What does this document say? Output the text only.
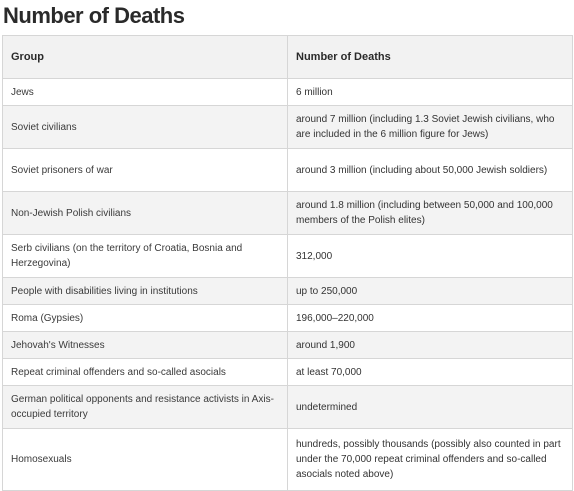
Number of Deaths
Group	Number of Deaths
Jews	6 million
Soviet civilians	around 7 million (including 1.3 Soviet Jewish civilians, who are included in the 6 million figure for Jews)
Soviet prisoners of war	around 3 million (including about 50,000 Jewish soldiers)
Non-Jewish Polish civilians	around 1.8 million (including between 50,000 and 100,000 members of the Polish elites)
Serb civilians (on the territory of Croatia, Bosnia and Herzegovina)	312,000
People with disabilities living in institutions	up to 250,000
Roma (Gypsies)	196,000–220,000
Jehovah's Witnesses	around 1,900
Repeat criminal offenders and so-called asocials	at least 70,000
German political opponents and resistance activists in Axis-occupied territory	undetermined
Homosexuals	hundreds, possibly thousands (possibly also counted in part under the 70,000 repeat criminal offenders and so-called asocials noted above)
